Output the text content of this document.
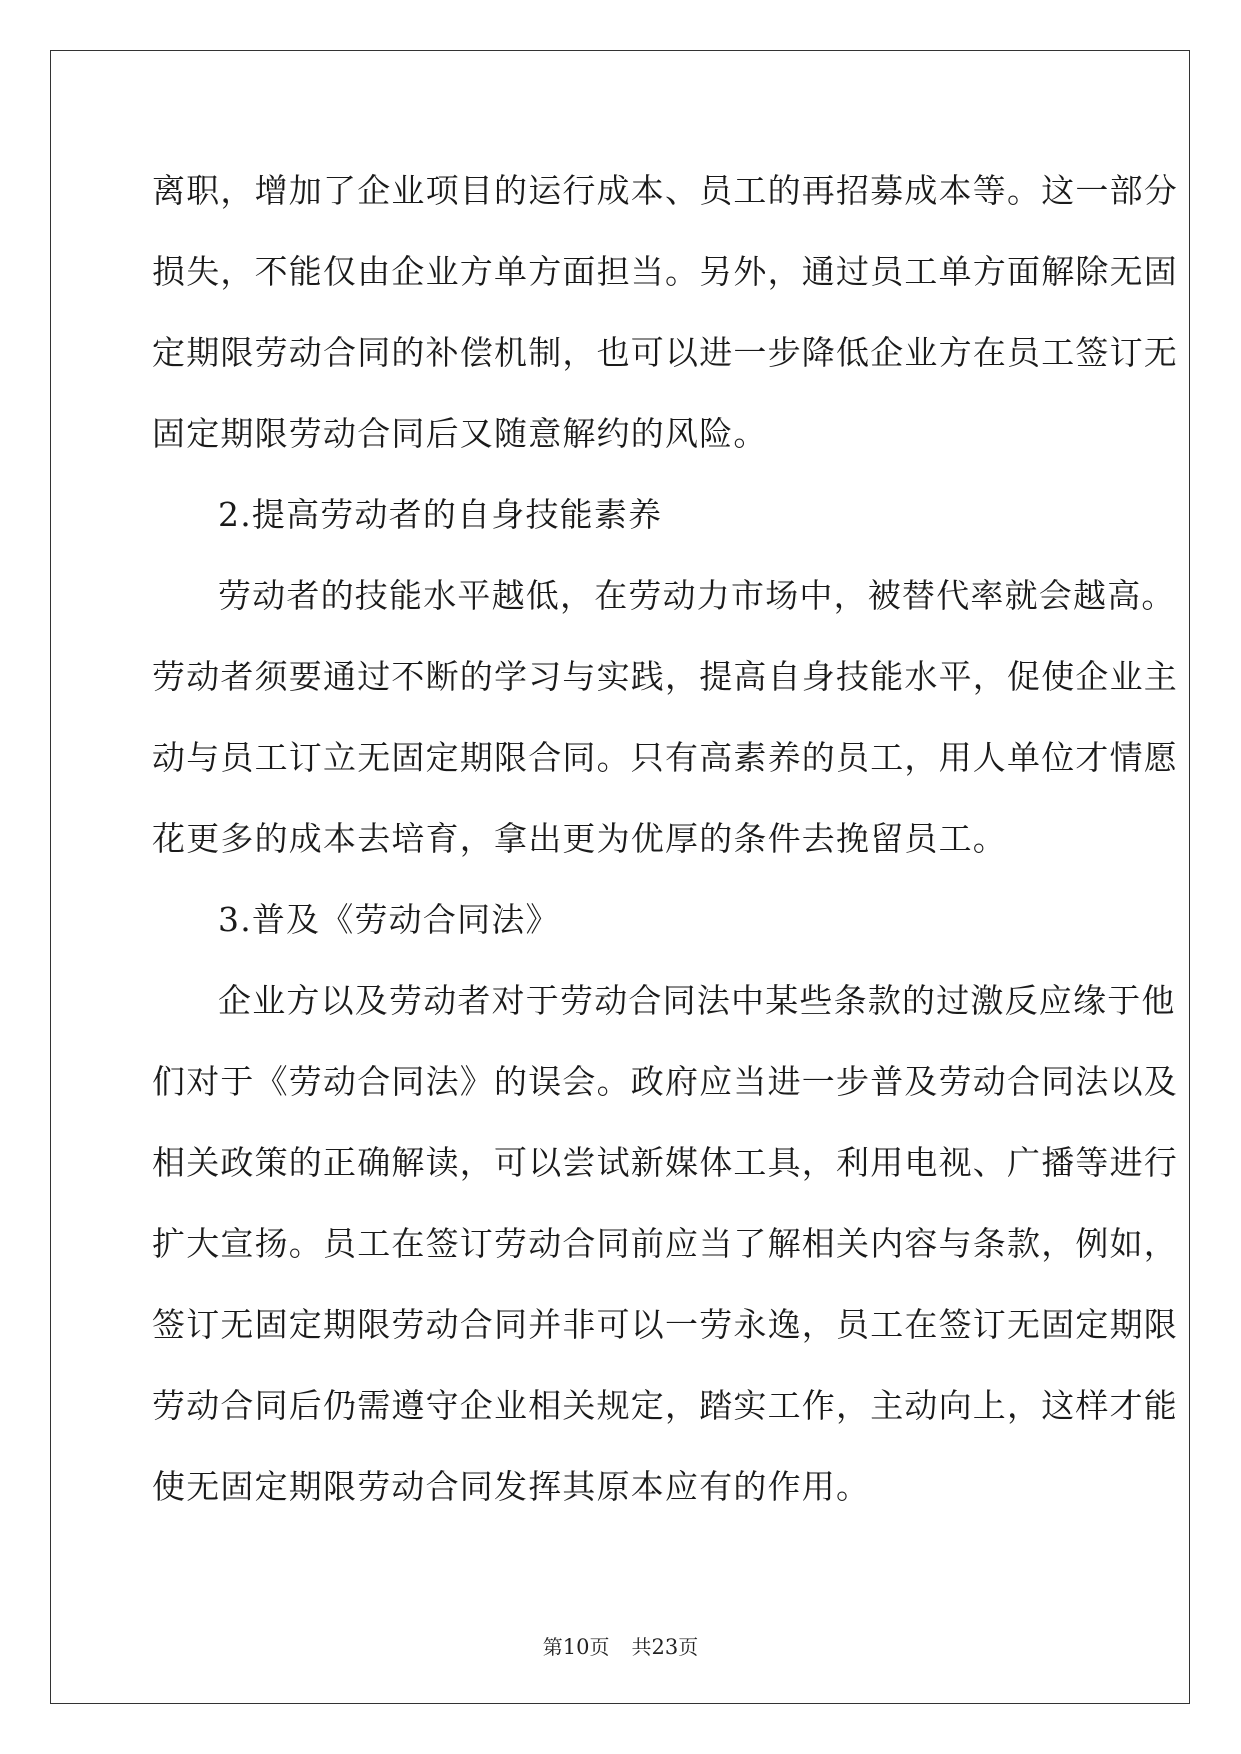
离职，增加了企业项目的运行成本、员工的再招募成本等。这一部分
损失，不能仅由企业方单方面担当。另外，通过员工单方面解除无固
定期限劳动合同的补偿机制，也可以进一步降低企业方在员工签订无
固定期限劳动合同后又随意解约的风险。
2.提高劳动者的自身技能素养
劳动者的技能水平越低，在劳动力市场中，被替代率就会越高。
劳动者须要通过不断的学习与实践，提高自身技能水平，促使企业主
动与员工订立无固定期限合同。只有高素养的员工，用人单位才情愿
花更多的成本去培育，拿出更为优厚的条件去挽留员工。
3.普及《劳动合同法》
企业方以及劳动者对于劳动合同法中某些条款的过激反应缘于他
们对于《劳动合同法》的误会。政府应当进一步普及劳动合同法以及
相关政策的正确解读，可以尝试新媒体工具，利用电视、广播等进行
扩大宣扬。员工在签订劳动合同前应当了解相关内容与条款，例如，
签订无固定期限劳动合同并非可以一劳永逸，员工在签订无固定期限
劳动合同后仍需遵守企业相关规定，踏实工作，主动向上，这样才能
使无固定期限劳动合同发挥其原本应有的作用。
第10页 共23页
